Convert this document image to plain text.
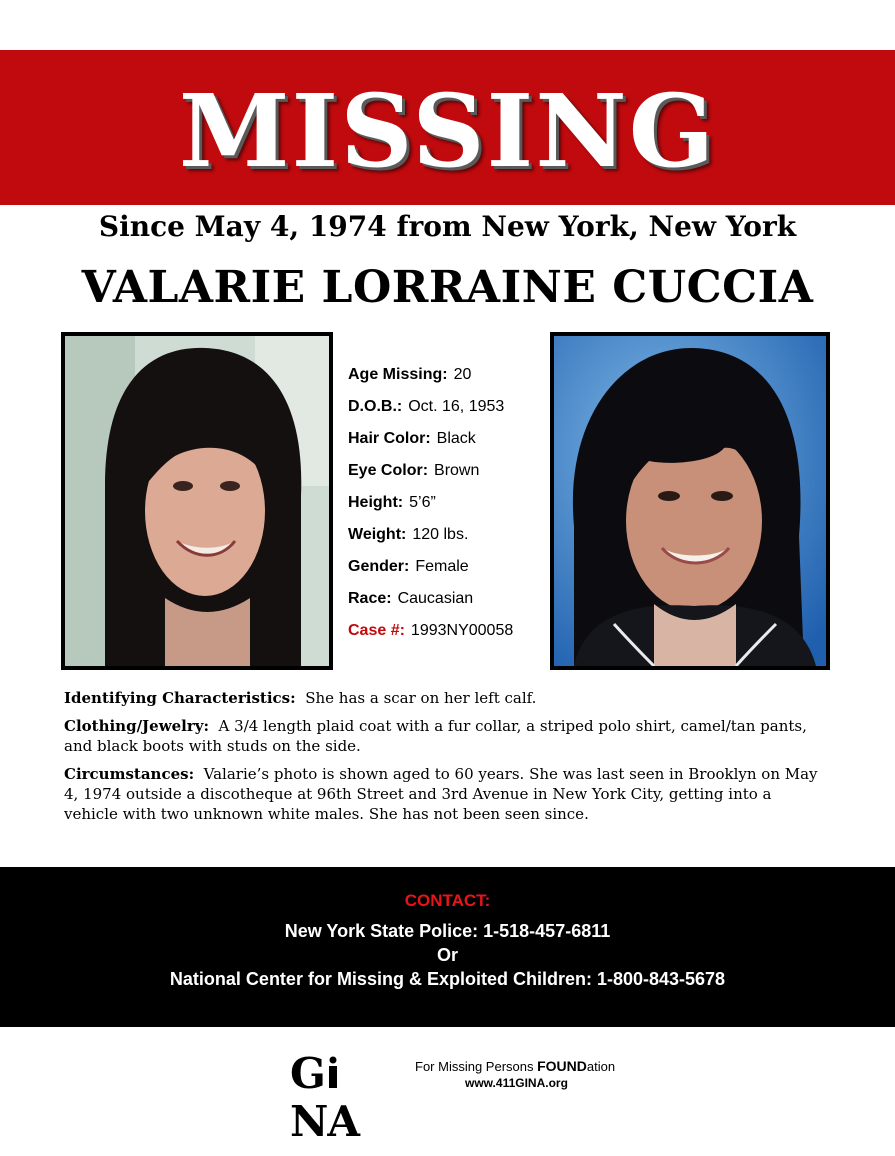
MISSING
Since May 4, 1974 from New York, New York
VALARIE LORRAINE CUCCIA
Age Missing: 20
D.O.B.: Oct. 16, 1953
Hair Color: Black
Eye Color: Brown
Height: 5’6”
Weight: 120 lbs.
Gender: Female
Race: Caucasian
Case #: 1993NY00058
Identifying Characteristics: She has a scar on her left calf.
Clothing/Jewelry: A 3/4 length plaid coat with a fur collar, a striped polo shirt, camel/tan pants, and black boots with studs on the side.
Circumstances: Valarie’s photo is shown aged to 60 years. She was last seen in Brooklyn on May 4, 1974 outside a discotheque at 96th Street and 3rd Avenue in New York City, getting into a vehicle with two unknown white males. She has not been seen since.
CONTACT:
New York State Police: 1-518-457-6811
Or
National Center for Missing & Exploited Children: 1-800-843-5678
GNA
For Missing Persons FOUNDation
www.411GINA.org
